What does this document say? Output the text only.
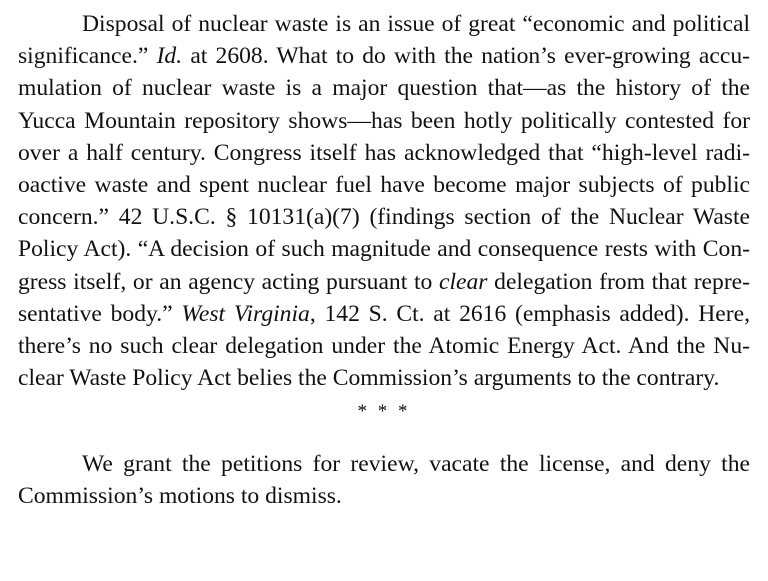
Disposal of nuclear waste is an issue of great “economic and political
significance.” Id. at 2608. What to do with the nation’s ever-growing accu-
mulation of nuclear waste is a major question that—as the history of the
Yucca Mountain repository shows—has been hotly politically contested for
over a half century. Congress itself has acknowledged that “high-level radi-
oactive waste and spent nuclear fuel have become major subjects of public
concern.” 42 U.S.C. § 10131(a)(7) (findings section of the Nuclear Waste
Policy Act). “A decision of such magnitude and consequence rests with Con-
gress itself, or an agency acting pursuant to clear delegation from that repre-
sentative body.” West Virginia, 142 S. Ct. at 2616 (emphasis added). Here,
there’s no such clear delegation under the Atomic Energy Act. And the Nu-
clear Waste Policy Act belies the Commission’s arguments to the contrary.
* * *
We grant the petitions for review, vacate the license, and deny the
Commission’s motions to dismiss.
